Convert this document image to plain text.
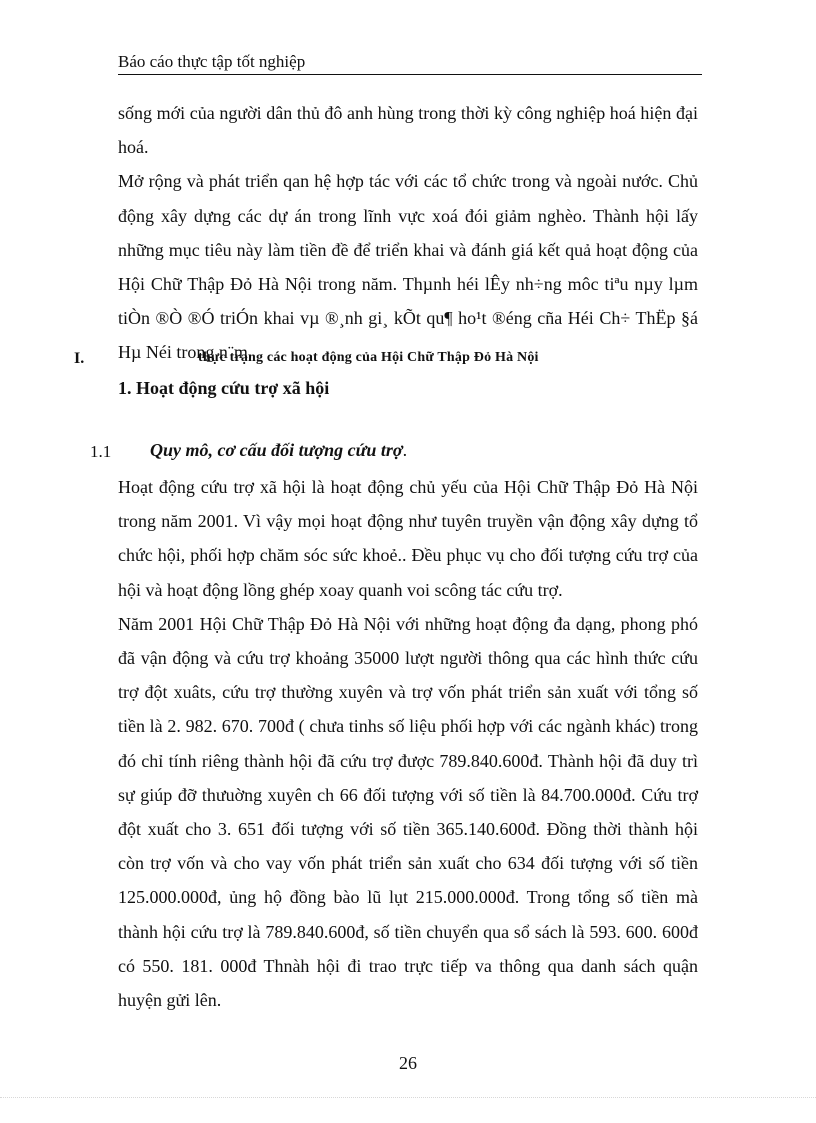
Báo cáo thực tập tốt nghiệp

sống mới của người dân thủ đô anh hùng trong thời kỳ công nghiệp hoá hiện đại hoá.

Mở rộng và phát triển qan hệ hợp tác với các tổ chức trong và ngoài nước. Chủ động xây dựng các dự án trong lĩnh vực xoá đói giảm nghèo. Thành hội lấy những mục tiêu này làm tiền đề để triển khai và đánh giá kết quả hoạt động của Hội Chữ Thập Đỏ Hà Nội trong năm. Thµnh héi lÊy nh÷ng môc tiªu nµy lµm tiÒn ®Ò ®Ó triÓn khai vµ ®¸nh gi¸ kÕt qu¶ ho¹t ®éng cña Héi Ch÷ ThËp §á Hµ Néi trong n¨m.

I.	thực trạng các hoạt động của Hội Chữ Thập Đỏ Hà Nội
1. Hoạt động cứu trợ xã hội
1.1 Quy mô, cơ cấu đối tượng cứu trợ.

Hoạt động cứu trợ xã hội là hoạt động chủ yếu của Hội Chữ Thập Đỏ Hà Nội trong năm 2001. Vì vậy mọi hoạt động như tuyên truyền vận động xây dựng tổ chức hội, phối hợp chăm sóc sức khoẻ.. Đều phục vụ cho đối tượng cứu trợ của hội và hoạt động lồng ghép xoay quanh voi scông tác cứu trợ.

Năm 2001 Hội Chữ Thập Đỏ Hà Nội với những hoạt động đa dạng, phong phó đã vận động và cứu trợ khoảng 35000 lượt người thông qua các hình thức cứu trợ đột xuâts, cứu trợ thường xuyên và trợ vốn phát triển sản xuất với tổng số tiền là 2. 982. 670. 700đ ( chưa tinhs số liệu phối hợp với các ngành khác) trong đó chỉ tính riêng thành hội đã cứu trợ được 789.840.600đ. Thành hội đã duy trì sự giúp đỡ thưuờng xuyên ch 66 đối tượng với số tiền là 84.700.000đ. Cứu trợ đột xuất cho 3. 651 đối tượng với số tiền 365.140.600đ. Đồng thời thành hội còn trợ vốn và cho vay vốn phát triển sản xuất cho 634 đối tượng với số tiền 125.000.000đ, ủng hộ đồng bào lũ lụt 215.000.000đ. Trong tổng số tiền mà thành hội cứu trợ là 789.840.600đ, số tiền chuyển qua sổ sách là 593. 600. 600đ có 550. 181. 000đ Thnàh hội đi trao trực tiếp va thông qua danh sách quận huyện gửi lên.

26
